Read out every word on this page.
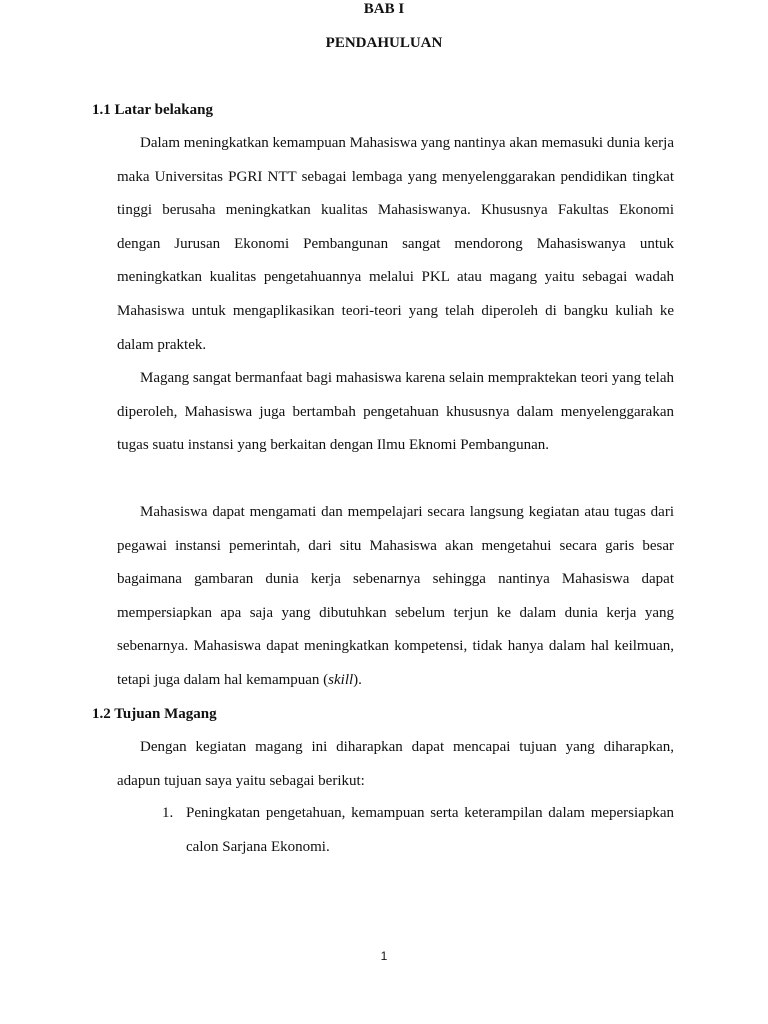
BAB I
PENDAHULUAN
1.1 Latar belakang

Dalam meningkatkan kemampuan Mahasiswa yang nantinya akan memasuki dunia kerja maka Universitas PGRI NTT sebagai lembaga yang menyelenggarakan pendidikan tingkat tinggi berusaha meningkatkan kualitas Mahasiswanya. Khususnya Fakultas Ekonomi dengan Jurusan Ekonomi Pembangunan sangat mendorong Mahasiswanya untuk meningkatkan kualitas pengetahuannya melalui PKL atau magang yaitu sebagai wadah Mahasiswa untuk mengaplikasikan teori-teori yang telah diperoleh di bangku kuliah ke dalam praktek.

Magang sangat bermanfaat bagi mahasiswa karena selain mempraktekan teori yang telah diperoleh, Mahasiswa juga bertambah pengetahuan khususnya dalam menyelenggarakan tugas suatu instansi yang berkaitan dengan Ilmu Eknomi Pembangunan.

Mahasiswa dapat mengamati dan mempelajari secara langsung kegiatan atau tugas dari pegawai instansi pemerintah, dari situ Mahasiswa akan mengetahui secara garis besar bagaimana gambaran dunia kerja sebenarnya sehingga nantinya Mahasiswa dapat mempersiapkan apa saja yang dibutuhkan sebelum terjun ke dalam dunia kerja yang sebenarnya. Mahasiswa dapat meningkatkan kompetensi, tidak hanya dalam hal keilmuan, tetapi juga dalam hal kemampuan (skill).

1.2 Tujuan Magang

Dengan kegiatan magang ini diharapkan dapat mencapai tujuan yang diharapkan, adapun tujuan saya yaitu sebagai berikut:

1. Peningkatan pengetahuan, kemampuan serta keterampilan dalam mepersiapkan calon Sarjana Ekonomi.
1
